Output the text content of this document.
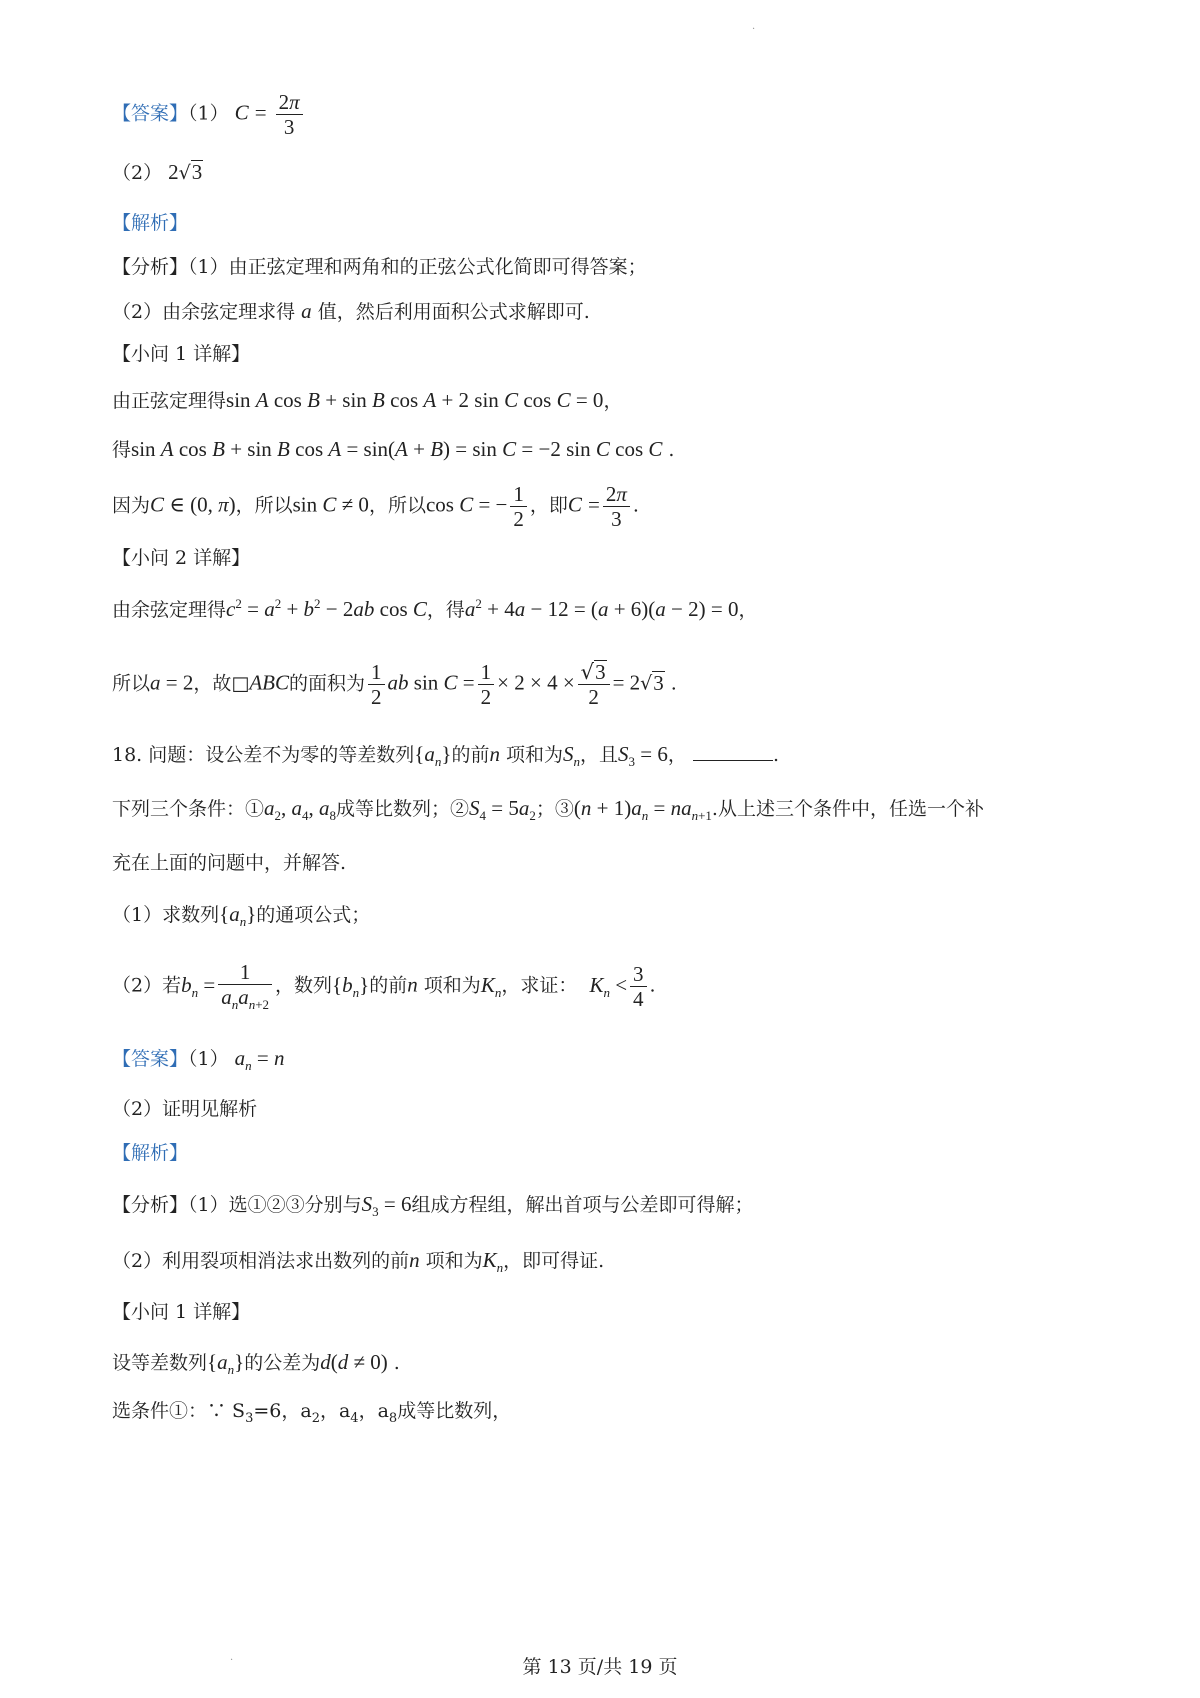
·
【答案】（1） $C = \frac{2\pi}{3}$
（2） 2√3
【解析】
【分析】（1）由正弦定理和两角和的正弦公式化简即可得答案；
（2）由余弦定理求得 a 值，然后利用面积公式求解即可.
【小问 1 详解】
由正弦定理得sin A cos B + sin B cos A + 2 sin C cos C = 0，
得sin A cos B + sin B cos A = sin(A + B) = sin C = −2 sin C cos C .
因为C ∈ (0, π)，所以sin C ≠ 0，所以cos C = − $\frac{1}{2}$ ，即$C = \frac{2\pi}{3}$ .
【小问 2 详解】
由余弦定理得$c^2 = a^2 + b^2 - 2ab$ cos C，得$a^2 + 4a - 12 = (a + 6)(a - 2) = 0$，
所以a = 2，故□ABC的面积为 $\frac{1}{2}$ ab $\sin C = \frac{1}{2} \times 2 \times 4 \times \frac{√3}{2} = 2√3$ .
18. 问题：设公差不为零的等差数列$\{a_n\}$的前n 项和为$S_n$，且$S_3 = 6$，	.
下列三个条件：$①a_2$, $a_4$, $a_8$成等比数列；$②S_4 = 5a_2$；③(n + $1)a_n = na_{n+1}$.从上述三个条件中，任选一个补
充在上面的问题中，并解答.
（1）求数列$\{a_n\}$的通项公式；
（2）若$b_n = \frac{1}{a_na_{n+2}}$ ，数列$\{b_n\}$的前n 项和为$K_n$，求证： $K_n < \frac{3}{4}$ .
【答案】（1） $a_n = n$
（2）证明见解析
【解析】
【分析】（1）选①②③分别与$S_3 = 6$组成方程组，解出首项与公差即可得解；
（2）利用裂项相消法求出数列的前n 项和为$K_n$，即可得证.
【小问 1 详解】
设等差数列$\{a_n\}$的公差为d(d ≠ 0) .
选条件①：∵ $S_3=6$，$a_2$，$a_4$，$a_8$成等比数列，
·	第 13 页/共 19 页
